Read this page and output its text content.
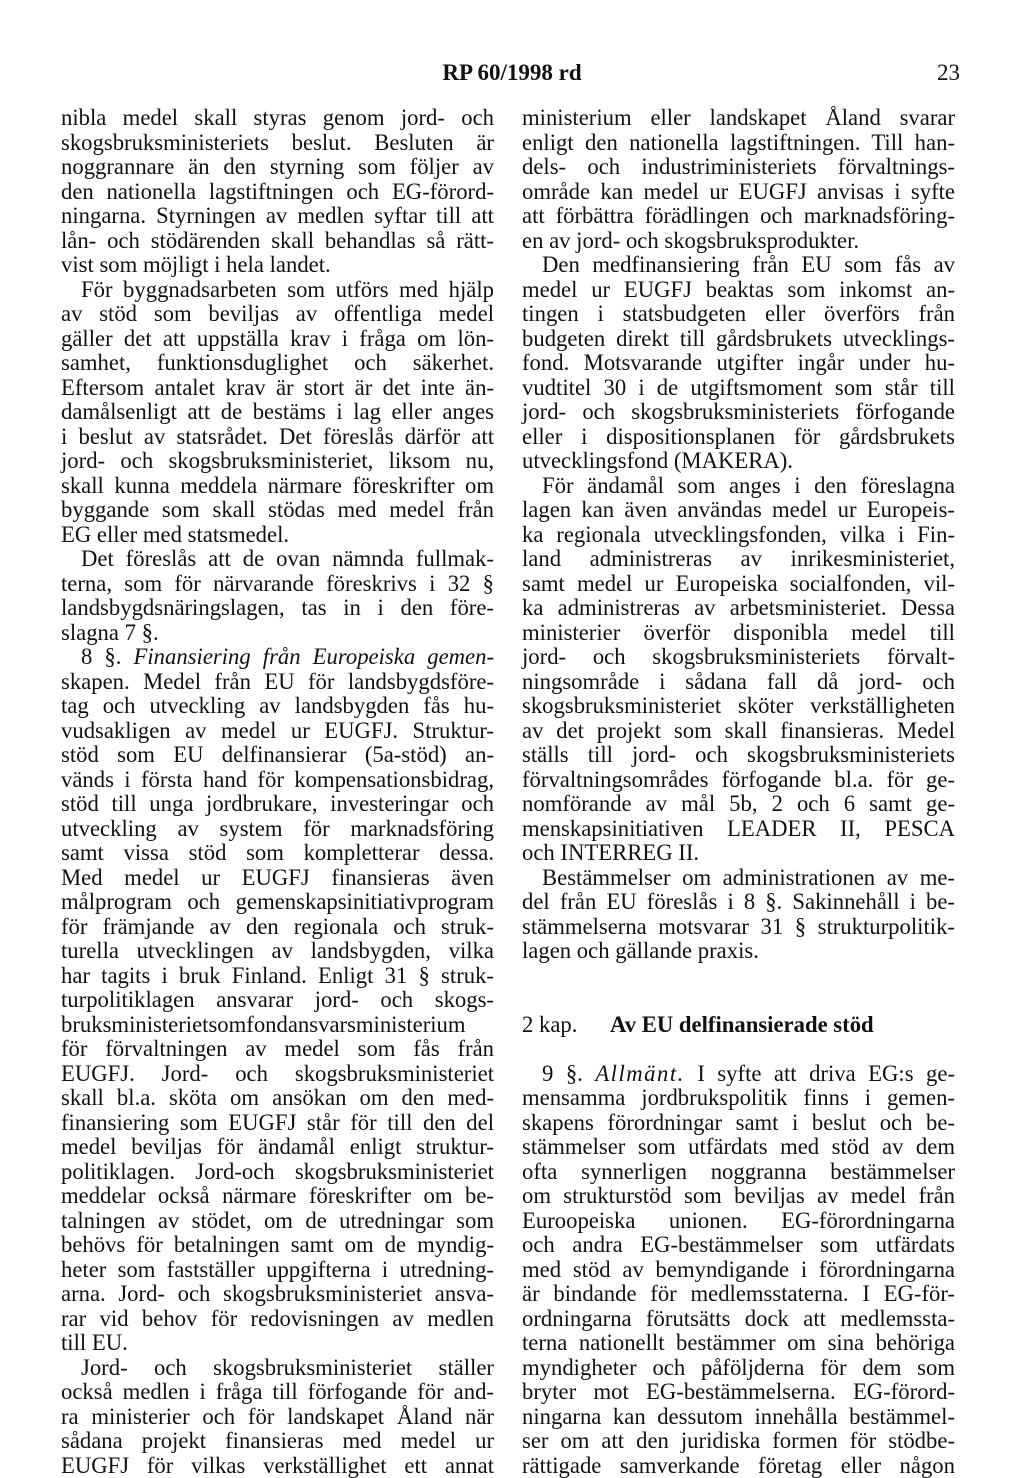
RP 60/1998 rd	23
nibla medel skall styras genom jord- och
skogsbruksministeriets beslut. Besluten är
noggrannare än den styrning som följer av
den nationella lagstiftningen och EG-förord-
ningarna. Styrningen av medlen syftar till att
lån- och stödärenden skall behandlas så rätt-
vist som möjligt i hela landet.
För byggnadsarbeten som utförs med hjälp
av stöd som beviljas av offentliga medel
gäller det att uppställa krav i fråga om lön-
samhet, funktionsduglighet och säkerhet.
Eftersom antalet krav är stort är det inte än-
damålsenligt att de bestäms i lag eller anges
i beslut av statsrådet. Det föreslås därför att
jord- och skogsbruksministeriet, liksom nu,
skall kunna meddela närmare föreskrifter om
byggande som skall stödas med medel från
EG eller med statsmedel.
Det föreslås att de ovan nämnda fullmak-
terna, som för närvarande föreskrivs i 32 §
landsbygdsnäringslagen, tas in i den före-
slagna 7 §.
8 §. Finansiering från Europeiska gemen-
skapen. Medel från EU för landsbygdsföre-
tag och utveckling av landsbygden fås hu-
vudsakligen av medel ur EUGFJ. Struktur-
stöd som EU delfinansierar (5a-stöd) an-
vänds i första hand för kompensationsbidrag,
stöd till unga jordbrukare, investeringar och
utveckling av system för marknadsföring
samt vissa stöd som kompletterar dessa.
Med medel ur EUGFJ finansieras även
målprogram och gemenskapsinitiativprogram
för främjande av den regionala och struk-
turella utvecklingen av landsbygden, vilka
har tagits i bruk Finland. Enligt 31 § struk-
turpolitiklagen ansvarar jord- och skogs-
bruksministerietsomfondansvarsministerium
för förvaltningen av medel som fås från
EUGFJ. Jord- och skogsbruksministeriet
skall bl.a. sköta om ansökan om den med-
finansiering som EUGFJ står för till den del
medel beviljas för ändamål enligt struktur-
politiklagen. Jord-och skogsbruksministeriet
meddelar också närmare föreskrifter om be-
talningen av stödet, om de utredningar som
behövs för betalningen samt om de myndig-
heter som fastställer uppgifterna i utredning-
arna. Jord- och skogsbruksministeriet ansva-
rar vid behov för redovisningen av medlen
till EU.
Jord- och skogsbruksministeriet ställer
också medlen i fråga till förfogande för and-
ra ministerier och för landskapet Åland när
sådana projekt finansieras med medel ur
EUGFJ för vilkas verkställighet ett annat
ministerium eller landskapet Åland svarar
enligt den nationella lagstiftningen. Till han-
dels- och industriministeriets förvaltnings-
område kan medel ur EUGFJ anvisas i syfte
att förbättra förädlingen och marknadsföring-
en av jord- och skogsbruksprodukter.
Den medfinansiering från EU som fås av
medel ur EUGFJ beaktas som inkomst an-
tingen i statsbudgeten eller överförs från
budgeten direkt till gårdsbrukets utvecklings-
fond. Motsvarande utgifter ingår under hu-
vudtitel 30 i de utgiftsmoment som står till
jord- och skogsbruksministeriets förfogande
eller i dispositionsplanen för gårdsbrukets
utvecklingsfond (MAKERA).
För ändamål som anges i den föreslagna
lagen kan även användas medel ur Europeis-
ka regionala utvecklingsfonden, vilka i Fin-
land administreras av inrikesministeriet,
samt medel ur Europeiska socialfonden, vil-
ka administreras av arbetsministeriet. Dessa
ministerier överför disponibla medel till
jord- och skogsbruksministeriets förvalt-
ningsområde i sådana fall då jord- och
skogsbruksministeriet sköter verkställigheten
av det projekt som skall finansieras. Medel
ställs till jord- och skogsbruksministeriets
förvaltningsområdes förfogande bl.a. för ge-
nomförande av mål 5b, 2 och 6 samt ge-
menskapsinitiativen LEADER II, PESCA
och INTERREG II.
Bestämmelser om administrationen av me-
del från EU föreslås i 8 §. Sakinnehåll i be-
stämmelserna motsvarar 31 § strukturpolitik-
lagen och gällande praxis.
2 kap.	Av EU delfinansierade stöd
9 §. Allmänt. I syfte att driva EG:s ge-
mensamma jordbrukspolitik finns i gemen-
skapens förordningar samt i beslut och be-
stämmelser som utfärdats med stöd av dem
ofta synnerligen noggranna bestämmelser
om strukturstöd som beviljas av medel från
Euroopeiska unionen. EG-förordningarna
och andra EG-bestämmelser som utfärdats
med stöd av bemyndigande i förordningarna
är bindande för medlemsstaterna. I EG-för-
ordningarna förutsätts dock att medlemssta-
terna nationellt bestämmer om sina behöriga
myndigheter och påföljderna för dem som
bryter mot EG-bestämmelserna. EG-förord-
ningarna kan dessutom innehålla bestämmel-
ser om att den juridiska formen för stödbe-
rättigade samverkande företag eller någon
